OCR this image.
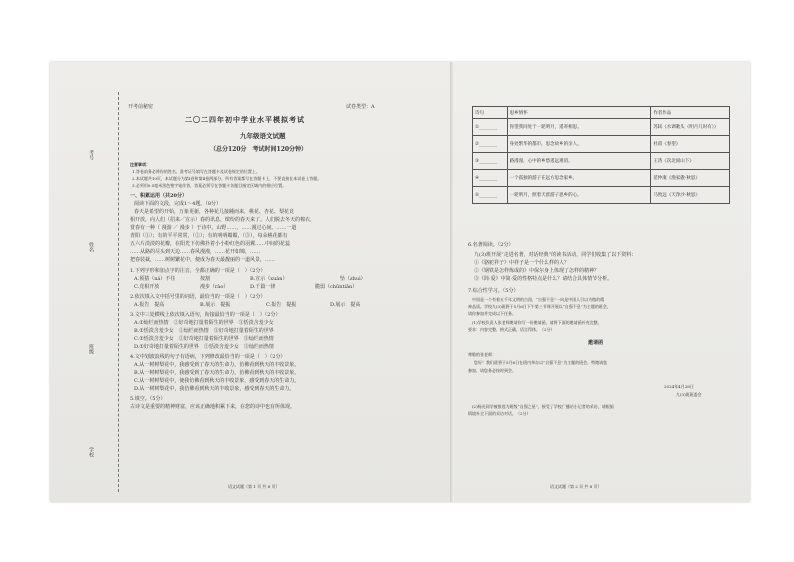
考号
姓名
班级
学校
开考前秘密	试卷类型：A
二〇二四年初中学业水平模拟考试
九年级语文试题
（总分120分　考试时间120分钟）
注意事项：
1.答卷前务必将你的姓名、准考证号填写在答题卡及试卷规定的位置上。
2.本试题共10页，本试题分为第Ⅰ卷和第Ⅱ卷两部分，所有答案都写在答题卡上，不要直接在本试卷上答题。
3.必须用0.5毫米黑色签字笔作答，答案必须写在答题卡各题目指定区域内的相应位置。
一、积累运用（共20分）
阅读下面的文段，完成1～4题。（8分）
春天是希望的开始，万象更新，各种花儿接踵而来，桃花、杏花、梨花竞
相开放，向人们（招来／宣示）春的讯息，缤纷的春天来了。人们脱去冬天的棉衣，
赏春有一种（ 漫游 ／ 漫步 ）于诗中。山野……，……漫过心间。……一道
青阳（①）；有的平平常常，（②）；有的明明媚媚，（③），每朵桃花都有
五六片淡淡的花瓣，在阳光下仿佛扑着小小粉红色的羽翼……中间的花蕊
……从路的尽头到天边……春风漫漫，……花开如锦，……
把春装裁，……树树繁花中，便成为春天最靓丽的一道风景，……
1.下列字形和加点字的注音，全都正确的一项是（　）（2分）
A.预猜（ná）不住	按割	B.宣示（xuán）	坠（zhuì）
C.竞相开放	漫步（rào）	D.千篇一律	脆弱（chūntiān）
2.依次填入文中括号里的词语，最恰当的一项是（　）（2分）
A.报告　提高	B.展示　提振	C.报告　提振	D.展示　提高
3.文中三处横线上依次填入语句，衔接最恰当的一项是（　）（2分）
A.①灿烂而热情　②好奇地打量着陌生的世界　③恬淡含羞少女
B.①恬淡含羞少女　②灿烂而热情　③好奇地打量着陌生的世界
C.①恬淡含羞少女　②好奇地打量着陌生的世界　③灿烂而热情
D.①好奇地打量着陌生的世界　②恬淡含羞少女　③灿烂而热情
4.文中划波浪线的句子有语病，下列修改最恰当的一项是（　）（2分）
A.从一树树梨花中，我感受到了春天的生命力，仿佛看到秋天的丰收景象。
B.从一树树梨花中，我感受到了春天的生命力，仿佛看到秋天的丰收景象。
C.从一树树梨花中，使我仿佛看到秋天的丰收景象，感受到春天的生命力。
D.从一树树梨花中，我仿佛看到秋天的丰收景象，感受到春天的生命力。
5.填空。（5分）
古诗文是重要的精神财富，应该正确地积累下来，在您的诗中也有所体现。
语文试题（第 1 页 共 8 页）
诗句	思乡情怀	作者作品
①________	你望我同处于一轮明月，遥寄相思。	苏轼《水调歌头（明月几时有）》
②________	身处繁华的都市，思念故乡的亲人。	杜甫《春望》
③________	路漫漫，心中的乡愁遥远难消。	王湾《次北固山下》
④________	一个孤独的游子在远方思念家乡。	范仲淹《渔家傲·秋思》
⑤________	一轮明月，照着天涯游子思乡的心。	马致远《天净沙·秋思》
6.名著阅读。（2分）
九(3)班开展“走进名著，对话经典”的读书活动，同学们收集了以下资料：
①《骆驼祥子》中祥子是一个什么样的人？
②《钢铁是怎样炼成的》中保尔身上体现了怎样的精神？
③《简·爱》中简·爱的性格特点是什么？请结合具体情节分析。
7.综合性学习。（5分）
中国是一个有着五千年文明的古国，“自强不息”一向是中国人引以为傲的精
神品质。学校九(3)班将于5月6日下午第三节课开展以“自强不息”为主题的班会，
请你参加并完成以下任务。
(1)学校负责人张老师邀请你写一份邀请函，请将下面的邀请函补充完整。
要求：内容完整，格式正确，语言得体。（2分）
邀请函
尊敬的张老师：
您好！我们班将于5月6日在班内举办以“自强不息”为主题的班会，特邀请您
参加，请您务必按时到会。
2024年4月28日
九(3)班班委会
(2)杨光同学被推选为班级“自强之星”，接受了学校广播站小记者的采访，请根据
情境补全下面的采访对话。（2分）
语文试题（第 2 页 共 8 页）
